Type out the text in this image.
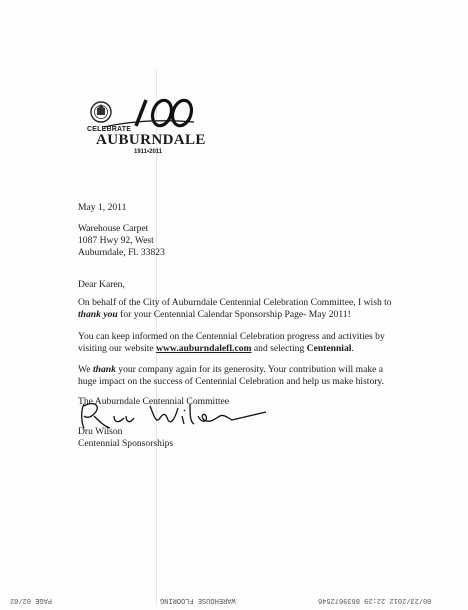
CELEBRATE
AUBURNDALE
1911•2011
May 1, 2011
Warehouse Carpet
1087 Hwy 92, West
Auburndale, Fl. 33823
Dear Karen,
On behalf of the City of Auburndale Centennial Celebration Committee, I wish to
thank you for your Centennial Calendar Sponsorship Page- May 2011!
You can keep informed on the Centennial Celebration progress and activities by
visiting our website www.auburndalefl.com and selecting Centennial.
We thank your company again for its generosity. Your contribution will make a
huge impact on the success of Centennial Celebration and help us make history.
The Auburndale Centennial Committee
Dru Wilson
Centennial Sponsorships
00/23/2012 22:29 8639672546
WAREHOUSE FLOORING
PAGE 02/02
